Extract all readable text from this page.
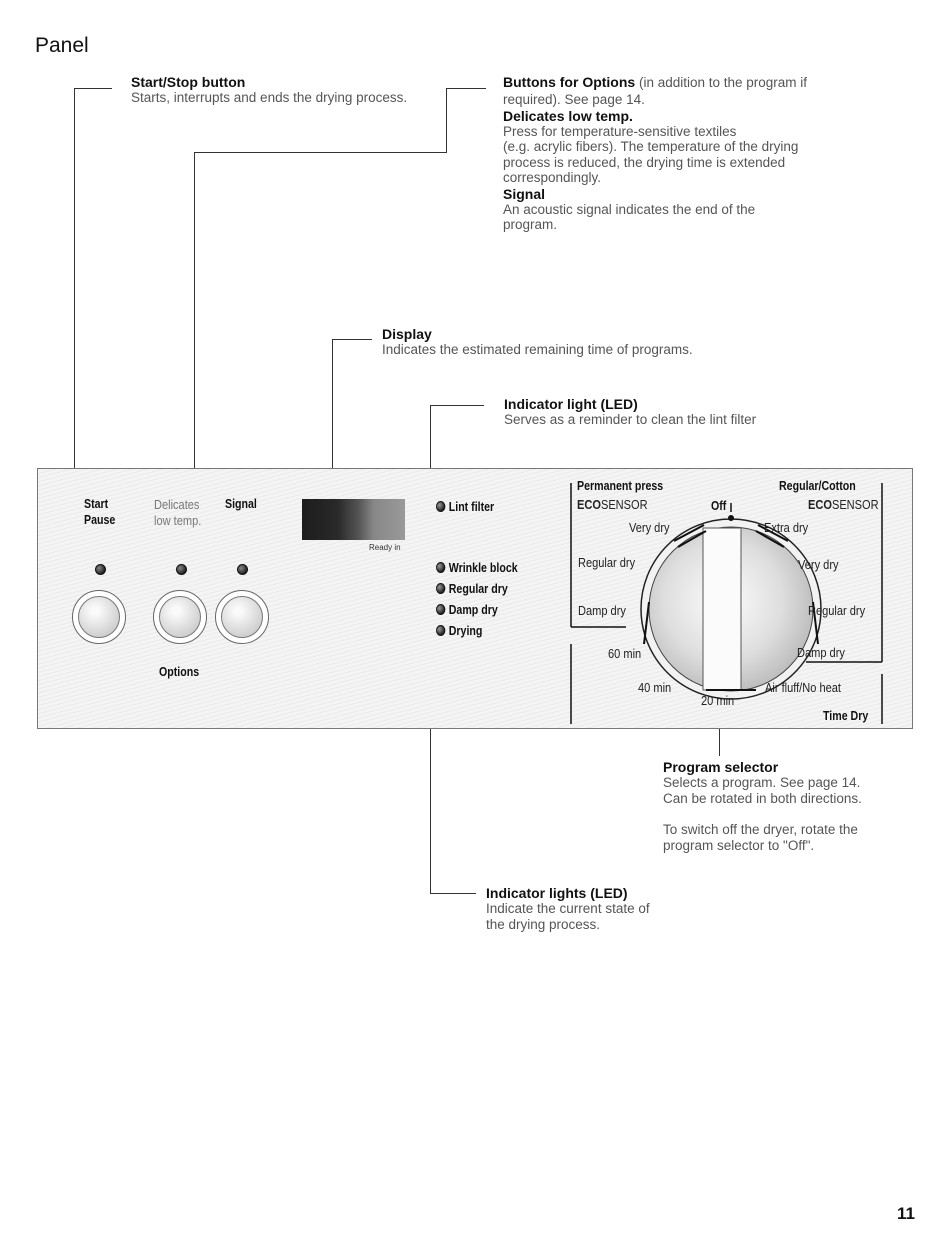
Panel
Start/Stop button
Starts, interrupts and ends the drying process.
Buttons for Options (in addition to the program if
required). See page 14.
Delicates low temp.
Press for temperature-sensitive textiles
(e.g. acrylic fibers). The temperature of the drying
process is reduced, the drying time is extended
correspondingly.
Signal
An acoustic signal indicates the end of the
program.
Display
Indicates the estimated remaining time of programs.
Indicator light (LED)
Serves as a reminder to clean the lint filter
Start
Pause
Delicates
low temp.
Signal
Options
Ready in
Lint filter
Wrinkle block
Regular dry
Damp dry
Drying
Permanent press
ECOSENSOR	Off
Regular/Cotton
ECOSENSOR
Very dry
Regular dry
Damp dry
Extra dry
Very dry
Regular dry
Damp dry
60 min
40 min
20 min
Air fluff/No heat
Time Dry
Program selector
Selects a program. See page 14.
Can be rotated in both directions.
To switch off the dryer, rotate the
program selector to "Off".
Indicator lights (LED)
Indicate the current state of
the drying process.
11
